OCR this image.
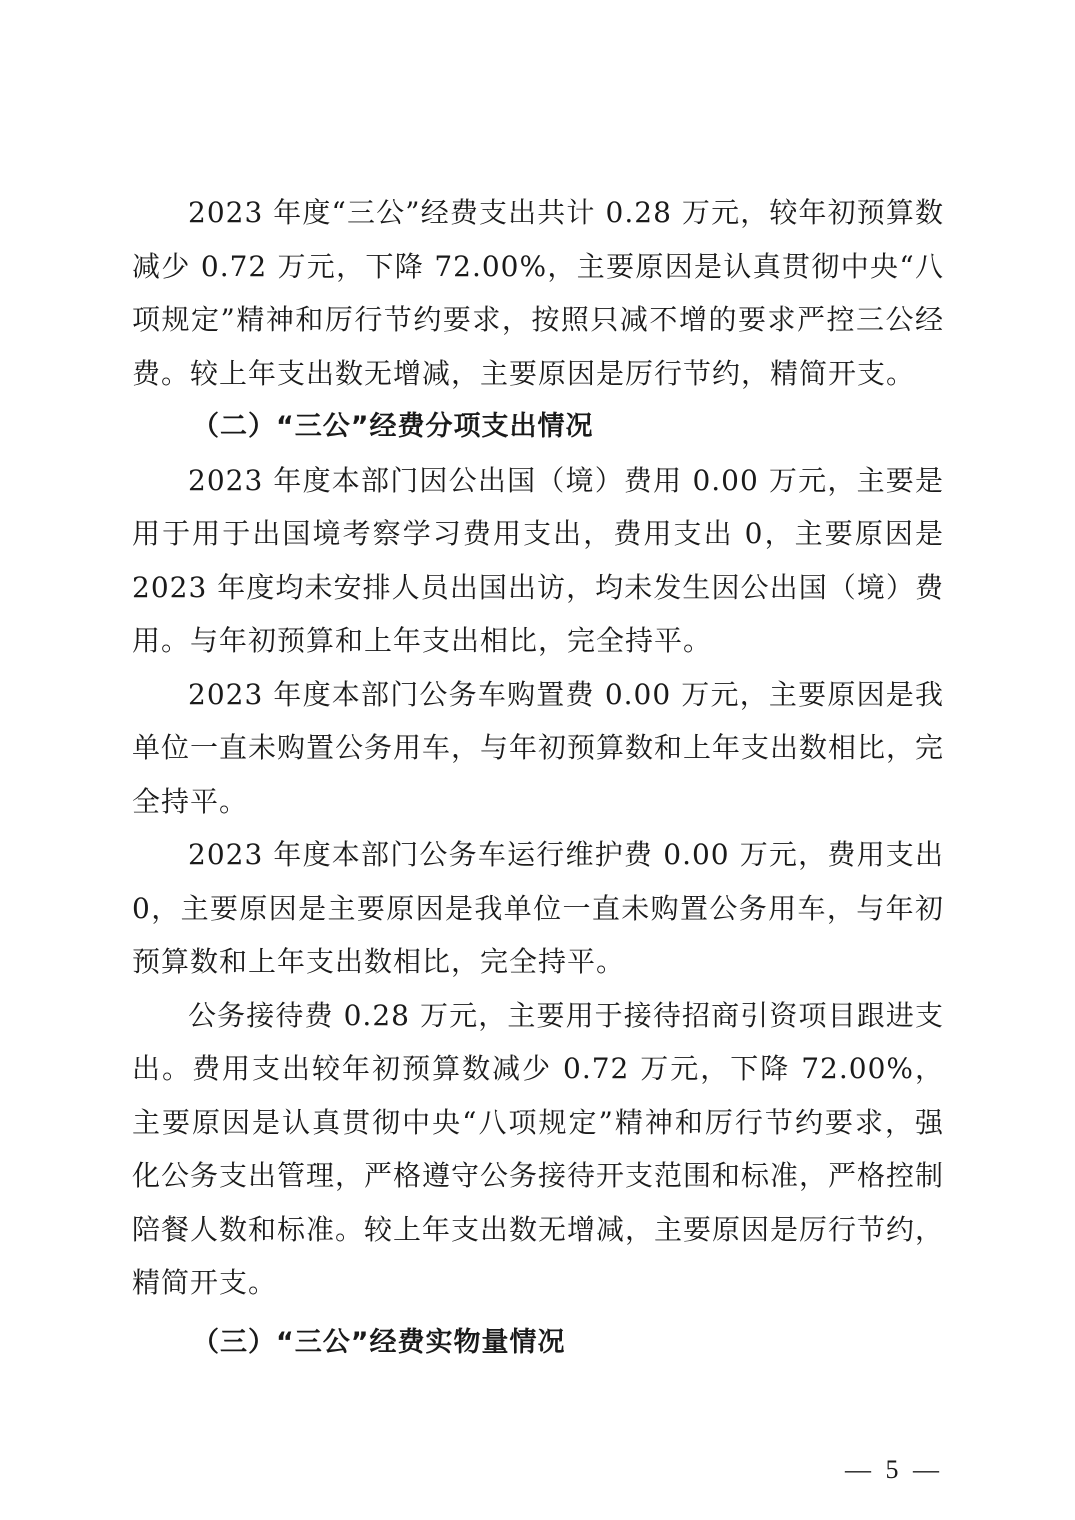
2023 年度“三公”经费支出共计 0.28 万元，较年初预算数减少 0.72 万元，下降 72.00%，主要原因是认真贯彻中央“八项规定”精神和厉行节约要求，按照只减不增的要求严控三公经费。较上年支出数无增减，主要原因是厉行节约，精简开支。

（二）“三公”经费分项支出情况

2023 年度本部门因公出国（境）费用 0.00 万元，主要是用于用于出国境考察学习费用支出，费用支出 0，主要原因是 2023 年度均未安排人员出国出访，均未发生因公出国（境）费用。与年初预算和上年支出相比，完全持平。

2023 年度本部门公务车购置费 0.00 万元，主要原因是我单位一直未购置公务用车，与年初预算数和上年支出数相比，完全持平。

2023 年度本部门公务车运行维护费 0.00 万元，费用支出 0，主要原因是主要原因是我单位一直未购置公务用车，与年初预算数和上年支出数相比，完全持平。

公务接待费 0.28 万元，主要用于接待招商引资项目跟进支出。费用支出较年初预算数减少 0.72 万元，下降 72.00%，主要原因是认真贯彻中央“八项规定”精神和厉行节约要求，强化公务支出管理，严格遵守公务接待开支范围和标准，严格控制陪餐人数和标准。较上年支出数无增减，主要原因是厉行节约，精简开支。

（三）“三公”经费实物量情况

— 5 —
